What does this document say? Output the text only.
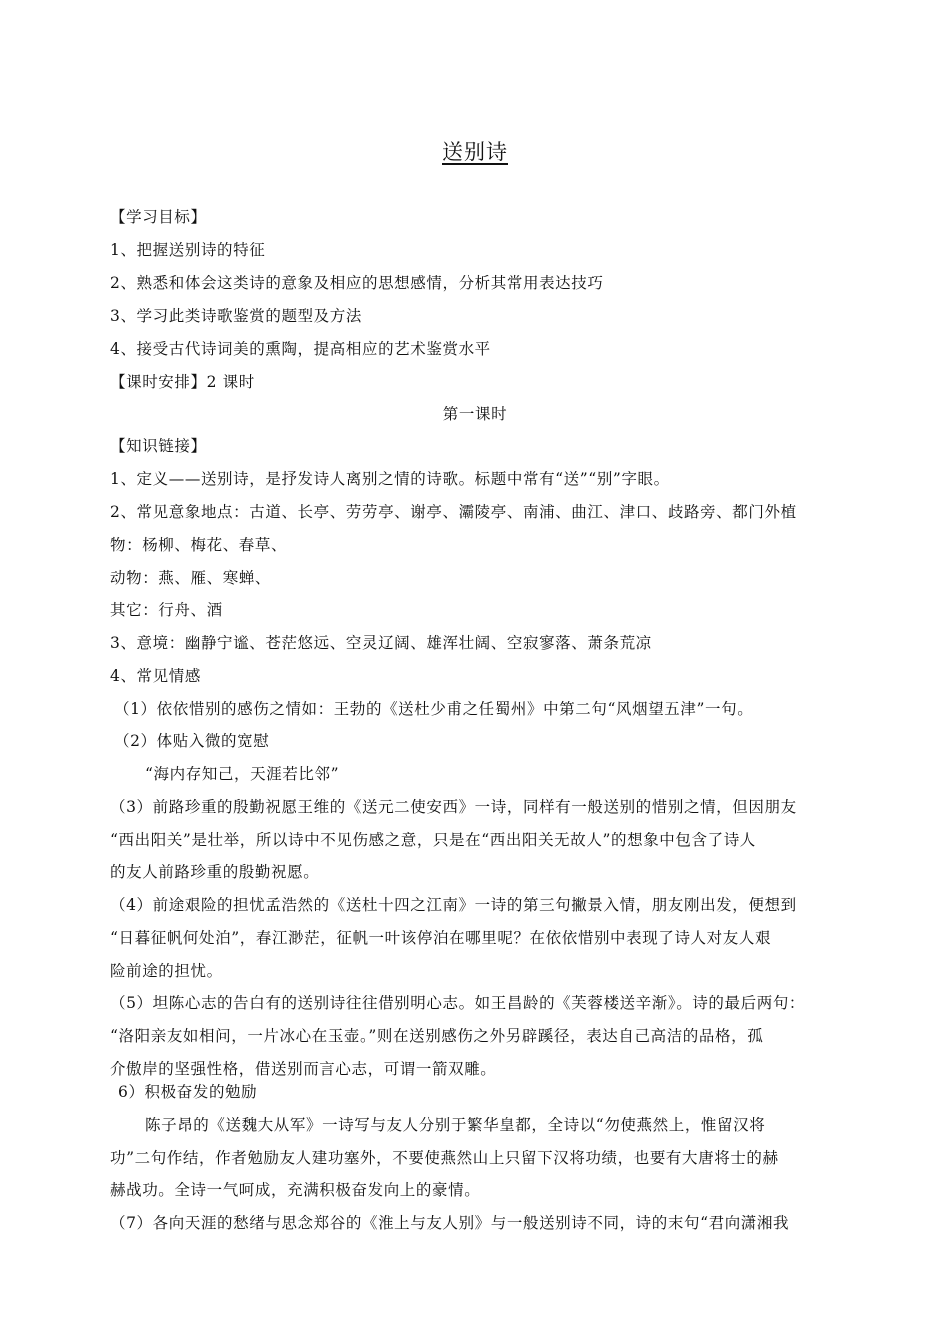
送别诗
【学习目标】
1、把握送别诗的特征
2、熟悉和体会这类诗的意象及相应的思想感情，分析其常用表达技巧
3、学习此类诗歌鉴赏的题型及方法
4、接受古代诗词美的熏陶，提高相应的艺术鉴赏水平
【课时安排】2 课时
第一课时
【知识链接】
1、定义——送别诗，是抒发诗人离别之情的诗歌。标题中常有“送”“别”字眼。
2、常见意象地点：古道、长亭、劳劳亭、谢亭、灞陵亭、南浦、曲江、津口、歧路旁、都门外植
物：杨柳、梅花、春草、
动物：燕、雁、寒蝉、
其它：行舟、酒
3、意境：幽静宁谧、苍茫悠远、空灵辽阔、雄浑壮阔、空寂寥落、萧条荒凉
4、常见情感
（1）依依惜别的感伤之情如：王勃的《送杜少甫之任蜀州》中第二句“风烟望五津”一句。
（2）体贴入微的宽慰
“海内存知己，天涯若比邻”
（3）前路珍重的殷勤祝愿王维的《送元二使安西》一诗，同样有一般送别的惜别之情，但因朋友
“西出阳关”是壮举，所以诗中不见伤感之意，只是在“西出阳关无故人”的想象中包含了诗人
的友人前路珍重的殷勤祝愿。
（4）前途艰险的担忧孟浩然的《送杜十四之江南》一诗的第三句撇景入情，朋友刚出发，便想到
“日暮征帆何处泊”，春江渺茫，征帆一叶该停泊在哪里呢？在依依惜别中表现了诗人对友人艰
险前途的担忧。
（5）坦陈心志的告白有的送别诗往往借别明心志。如王昌龄的《芙蓉楼送辛渐》。诗的最后两句：
“洛阳亲友如相问，一片冰心在玉壶。”则在送别感伤之外另辟蹊径，表达自己高洁的品格，孤
介傲岸的坚强性格，借送别而言心志，可谓一箭双雕。
6）积极奋发的勉励
陈子昂的《送魏大从军》一诗写与友人分别于繁华皇都，全诗以“勿使燕然上，惟留汉将
功”二句作结，作者勉励友人建功塞外，不要使燕然山上只留下汉将功绩，也要有大唐将士的赫
赫战功。全诗一气呵成，充满积极奋发向上的豪情。
（7）各向天涯的愁绪与思念郑谷的《淮上与友人别》与一般送别诗不同，诗的末句“君向潇湘我
